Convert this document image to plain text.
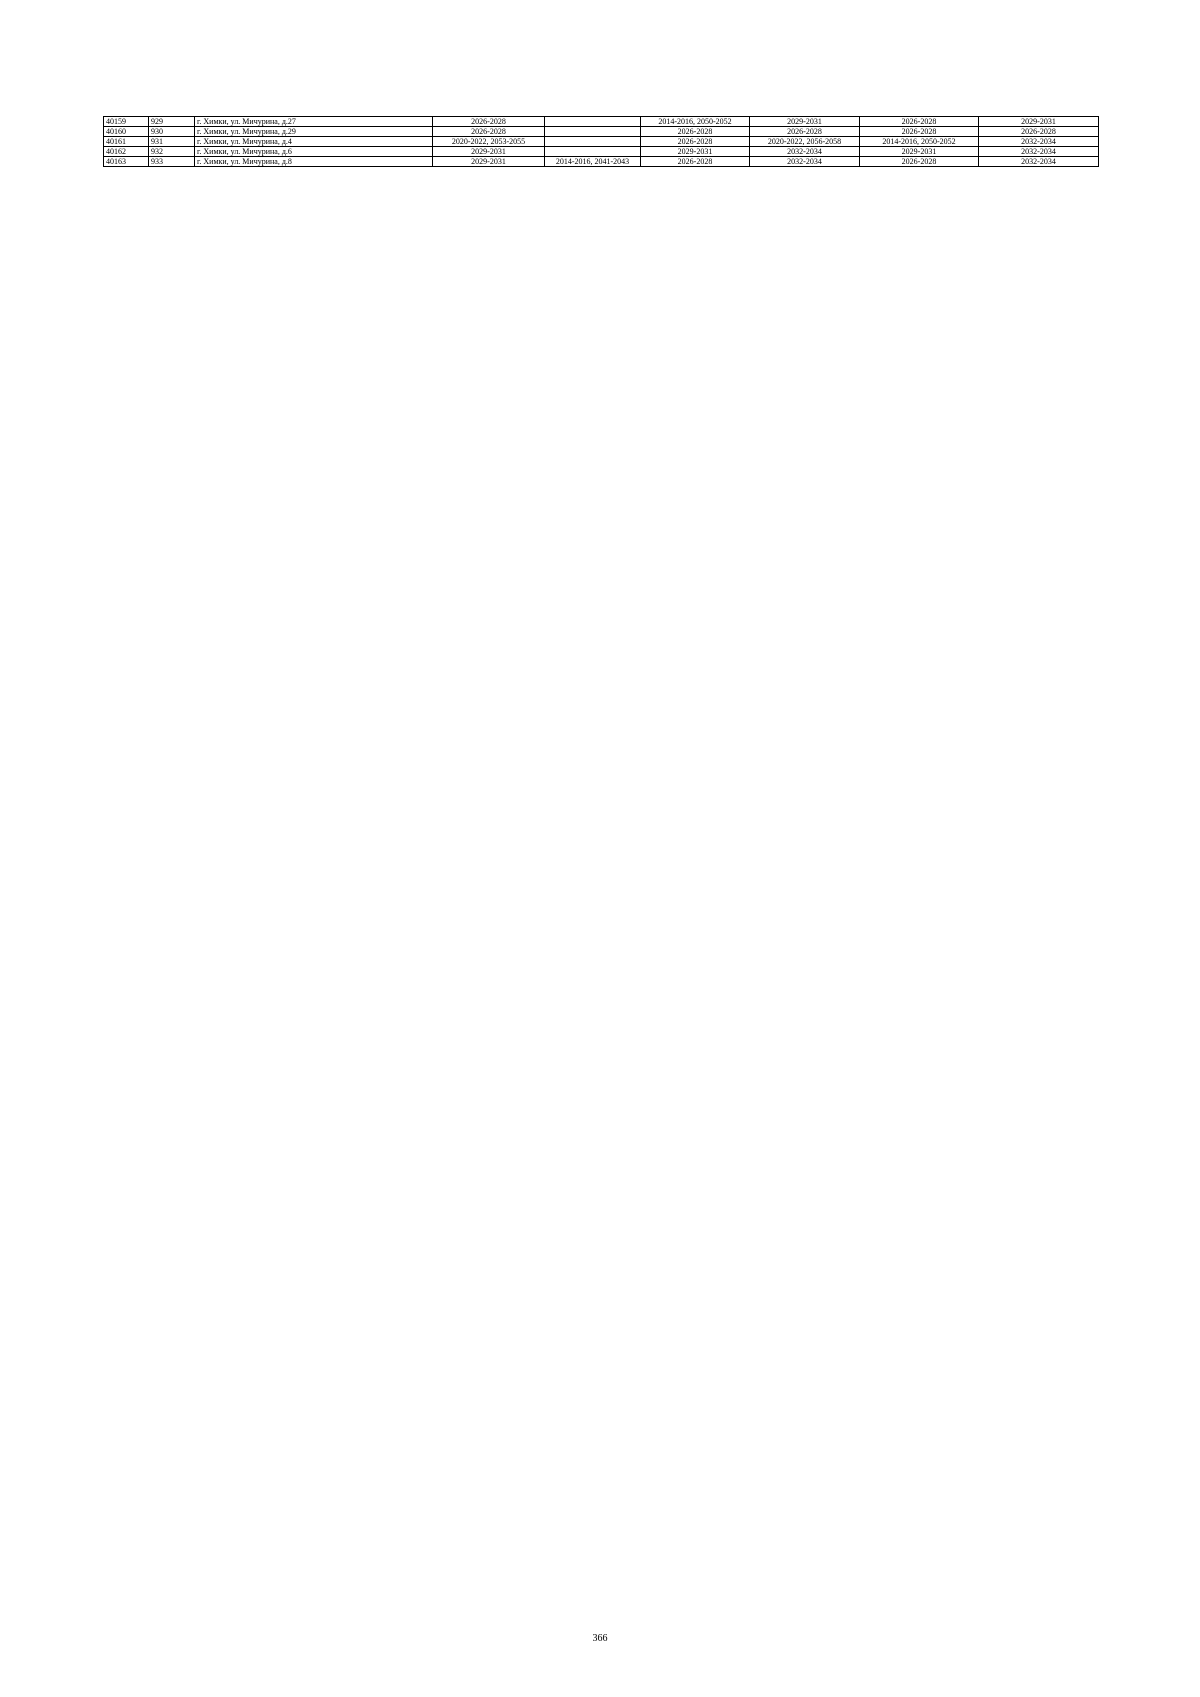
40159	929	г. Химки, ул. Мичурина, д.27	2026-2028		2014-2016, 2050-2052	2029-2031	2026-2028	2029-2031
40160	930	г. Химки, ул. Мичурина, д.29	2026-2028		2026-2028	2026-2028	2026-2028	2026-2028
40161	931	г. Химки, ул. Мичурина, д.4	2020-2022, 2053-2055		2026-2028	2020-2022, 2056-2058	2014-2016, 2050-2052	2032-2034
40162	932	г. Химки, ул. Мичурина, д.6	2029-2031		2029-2031	2032-2034	2029-2031	2032-2034
40163	933	г. Химки, ул. Мичурина, д.8	2029-2031	2014-2016, 2041-2043	2026-2028	2032-2034	2026-2028	2032-2034
366
